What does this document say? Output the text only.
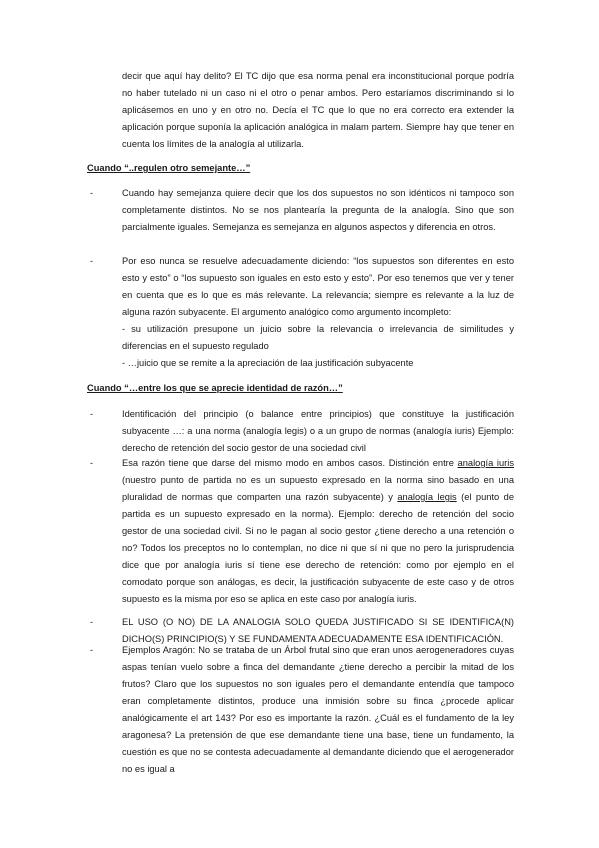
decir que aquí hay delito? El TC dijo que esa norma penal era inconstitucional porque podría no haber tutelado ni un caso ni el otro o penar ambos. Pero estaríamos discriminando si lo aplicásemos en uno y en otro no. Decía el TC que lo que no era correcto era extender la aplicación porque suponía la aplicación analógica in malam partem. Siempre hay que tener en cuenta los límites de la analogía al utilizarla.
Cuando “..regulen otro semejante…”
-	Cuando hay semejanza quiere decir que los dos supuestos no son idénticos ni tampoco son completamente distintos. No se nos plantearía la pregunta de la analogía. Sino que son parcialmente iguales. Semejanza es semejanza en algunos aspectos y diferencia en otros.
-	Por eso nunca se resuelve adecuadamente diciendo: “los supuestos son diferentes en esto esto y esto” o “los supuesto son iguales en esto esto y esto”. Por eso tenemos que ver y tener en cuenta que es lo que es más relevante. La relevancia; siempre es relevante a la luz de alguna razón subyacente. El argumento analógico como argumento incompleto:
- su utilización presupone un juicio sobre la relevancia o irrelevancia de similitudes y diferencias en el supuesto regulado
- …juicio que se remite a la apreciación de laa justificación subyacente
Cuando “…entre los que se aprecie identidad de razón…”
-	Identificación del principio (o balance entre principios) que constituye la justificación subyacente …: a una norma (analogía legis) o a un grupo de normas (analogía iuris) Ejemplo: derecho de retención del socio gestor de una sociedad civil
-	Esa razón tiene que darse del mismo modo en ambos casos. Distinción entre analogía iuris (nuestro punto de partida no es un supuesto expresado en la norma sino basado en una pluralidad de normas que comparten una razón subyacente) y analogía legis (el punto de partida es un supuesto expresado en la norma). Ejemplo: derecho de retención del socio gestor de una sociedad civil. Si no le pagan al socio gestor ¿tiene derecho a una retención o no? Todos los preceptos no lo contemplan, no dice ni que sí ni que no pero la jurisprudencia dice que por analogía iuris sí tiene ese derecho de retención: como por ejemplo en el comodato porque son análogas, es decir, la justificación subyacente de este caso y de otros supuesto es la misma por eso se aplica en este caso por analogía iuris.
-	EL USO (O NO) DE LA ANALOGIA SOLO QUEDA JUSTIFICADO SI SE IDENTIFICA(N) DICHO(S) PRINCIPIO(S) Y SE FUNDAMENTA ADECUADAMENTE ESA IDENTIFICACIÓN.
-	Ejemplos Aragón: No se trataba de un Árbol frutal sino que eran unos aerogeneradores cuyas aspas tenían vuelo sobre a finca del demandante ¿tiene derecho a percibir la mitad de los frutos? Claro que los supuestos no son iguales pero el demandante entendía que tampoco eran completamente distintos, produce una inmisión sobre su finca ¿procede aplicar analógicamente el art 143? Por eso es importante la razón. ¿Cuál es el fundamento de la ley aragonesa? La pretensión de que ese demandante tiene una base, tiene un fundamento, la cuestión es que no se contesta adecuadamente al demandante diciendo que el aerogenerador no es igual a
